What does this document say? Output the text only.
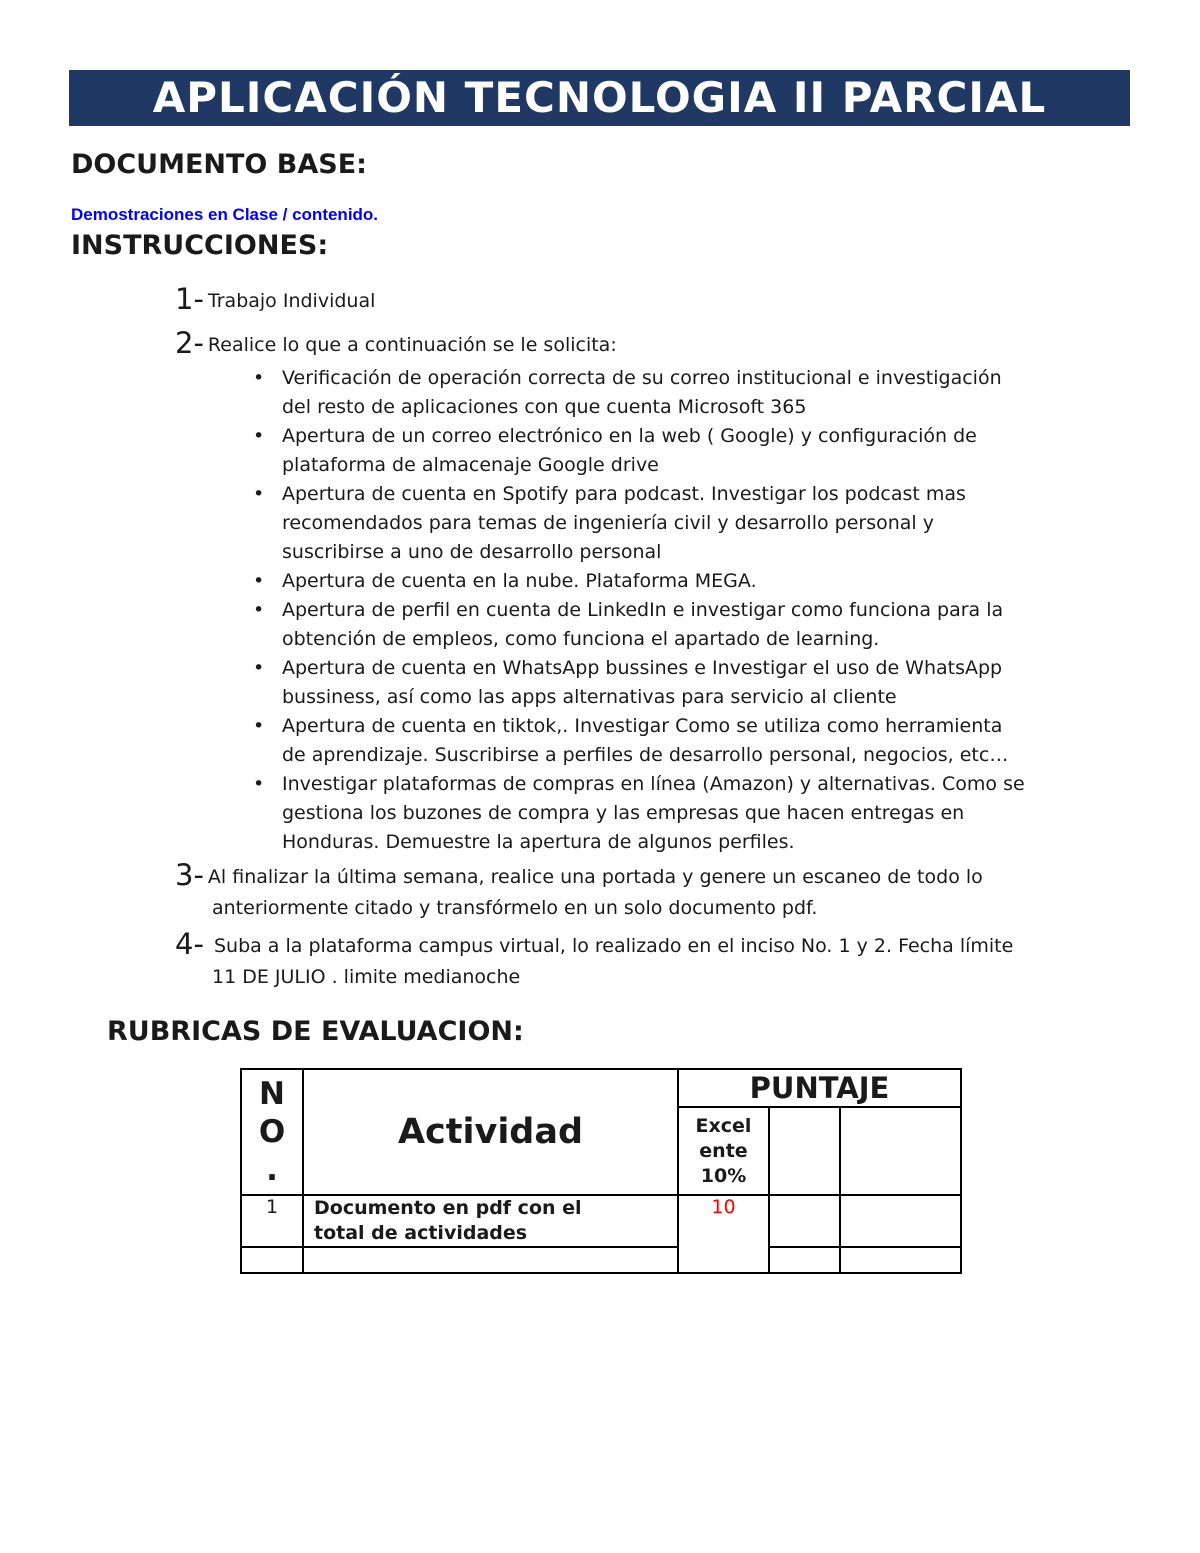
APLICACIÓN TECNOLOGIA II PARCIAL
DOCUMENTO BASE:
Demostraciones en Clase / contenido.
INSTRUCCIONES:
1- Trabajo Individual
2- Realice lo que a continuación se le solicita:
• Verificación de operación correcta de su correo institucional e investigación
del resto de aplicaciones con que cuenta Microsoft 365
• Apertura de un correo electrónico en la web ( Google) y configuración de
plataforma de almacenaje Google drive
• Apertura de cuenta en Spotify para podcast. Investigar los podcast mas
recomendados para temas de ingeniería civil y desarrollo personal y
suscribirse a uno de desarrollo personal
• Apertura de cuenta en la nube. Plataforma MEGA.
• Apertura de perfil en cuenta de LinkedIn e investigar como funciona para la
obtención de empleos, como funciona el apartado de learning.
• Apertura de cuenta en WhatsApp bussines e Investigar el uso de WhatsApp
bussiness, así como las apps alternativas para servicio al cliente
• Apertura de cuenta en tiktok,. Investigar Como se utiliza como herramienta
de aprendizaje. Suscribirse a perfiles de desarrollo personal, negocios, etc…
• Investigar plataformas de compras en línea (Amazon) y alternativas. Como se
gestiona los buzones de compra y las empresas que hacen entregas en
Honduras. Demuestre la apertura de algunos perfiles.
3- Al finalizar la última semana, realice una portada y genere un escaneo de todo lo
anteriormente citado y transfórmelo en un solo documento pdf.
4- Suba a la plataforma campus virtual, lo realizado en el inciso No. 1 y 2. Fecha límite
11 DE JULIO . limite medianoche
RUBRICAS DE EVALUACION:
N
O
.	Actividad	PUNTAJE		
		Excel
ente
10%		
1	Documento en pdf con el
total de actividades	10		
